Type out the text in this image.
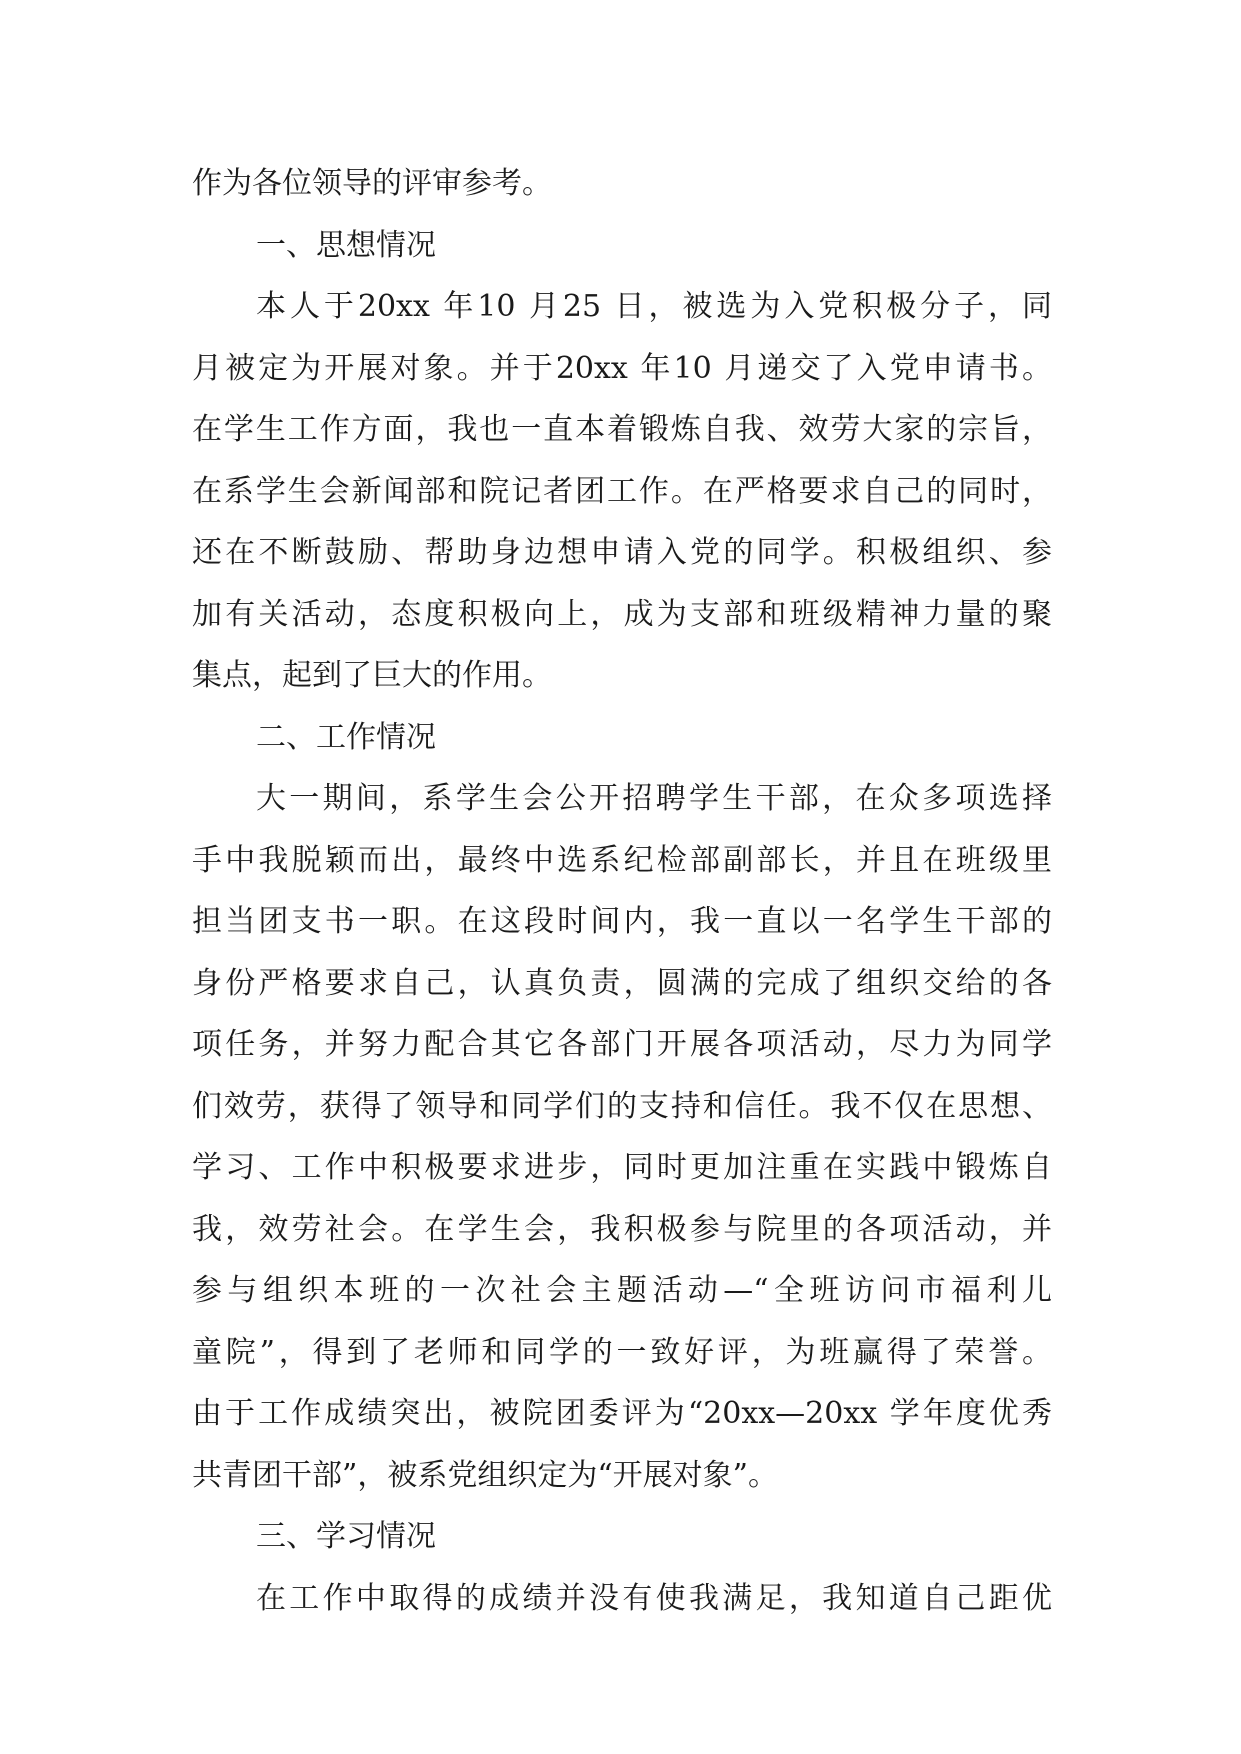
作为各位领导的评审参考。
一、思想情况
本人于20xx 年10 月25 日，被选为入党积极分子，同
月被定为开展对象。并于20xx 年10 月递交了入党申请书。
在学生工作方面，我也一直本着锻炼自我、效劳大家的宗旨，
在系学生会新闻部和院记者团工作。在严格要求自己的同时，
还在不断鼓励、帮助身边想申请入党的同学。积极组织、参
加有关活动，态度积极向上，成为支部和班级精神力量的聚
集点，起到了巨大的作用。
二、工作情况
大一期间，系学生会公开招聘学生干部，在众多项选择
手中我脱颖而出，最终中选系纪检部副部长，并且在班级里
担当团支书一职。在这段时间内，我一直以一名学生干部的
身份严格要求自己，认真负责，圆满的完成了组织交给的各
项任务，并努力配合其它各部门开展各项活动，尽力为同学
们效劳，获得了领导和同学们的支持和信任。我不仅在思想、
学习、工作中积极要求进步，同时更加注重在实践中锻炼自
我，效劳社会。在学生会，我积极参与院里的各项活动，并
参与组织本班的一次社会主题活动—“全班访问市福利儿
童院”，得到了老师和同学的一致好评，为班赢得了荣誉。
由于工作成绩突出，被院团委评为“20xx—20xx 学年度优秀
共青团干部”，被系党组织定为“开展对象”。
三、学习情况
在工作中取得的成绩并没有使我满足，我知道自己距优
